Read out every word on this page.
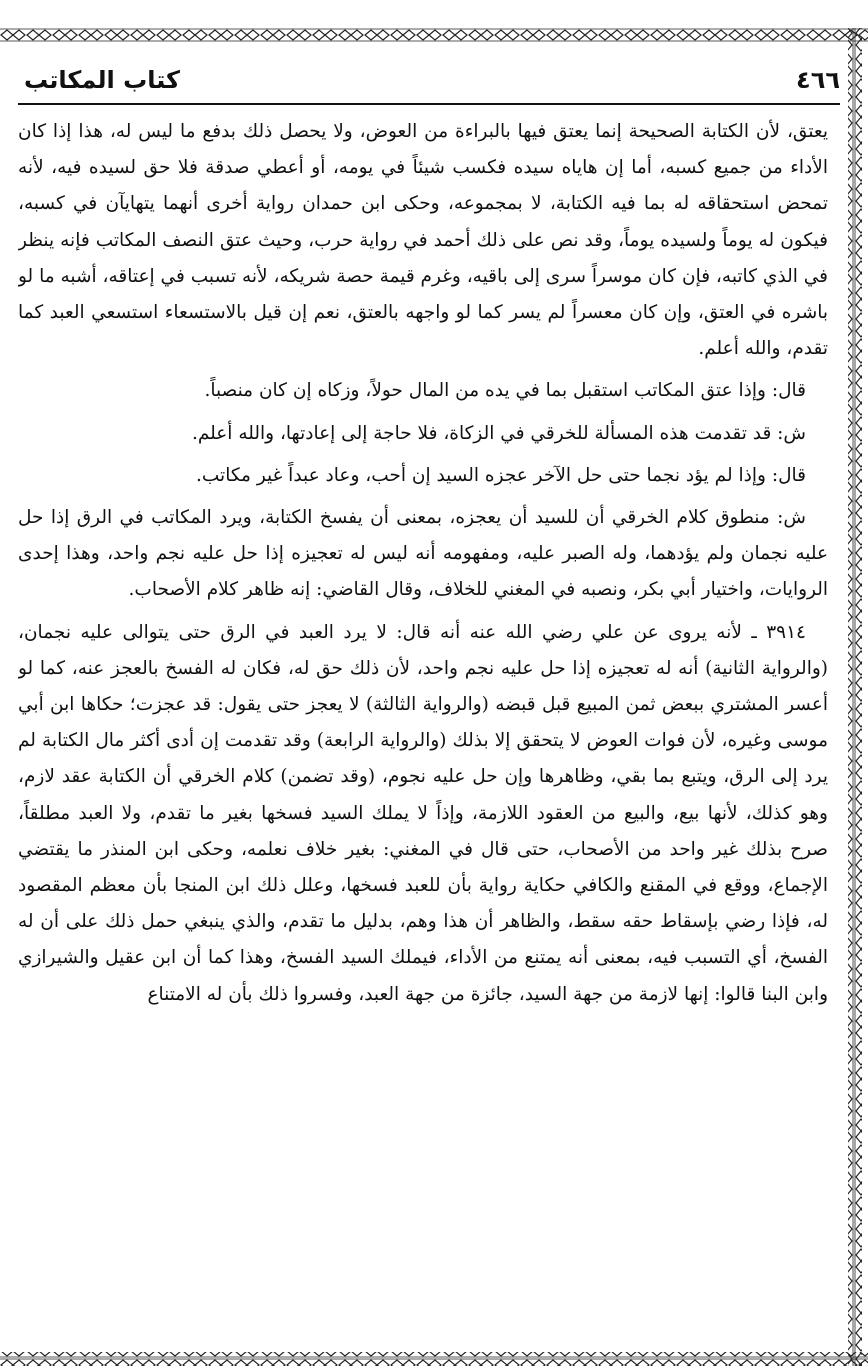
٤٦٦
كتاب المكاتب

يعتق، لأن الكتابة الصحيحة إنما يعتق فيها بالبراءة من العوض، ولا يحصل ذلك بدفع ما ليس له، هذا إذا كان الأداء من جميع كسبه، أما إن هاياه سيده فكسب شيئاً في يومه، أو أعطي صدقة فلا حق لسيده فيه، لأنه تمحض استحقاقه له بما فيه الكتابة، لا بمجموعه، وحكى ابن حمدان رواية أخرى أنهما يتهايآن في كسبه، فيكون له يوماً ولسيده يوماً، وقد نص على ذلك أحمد في رواية حرب، وحيث عتق النصف المكاتب فإنه ينظر في الذي كاتبه، فإن كان موسراً سرى إلى باقيه، وغرم قيمة حصة شريكه، لأنه تسبب في إعتاقه، أشبه ما لو باشره في العتق، وإن كان معسراً لم يسر كما لو واجهه بالعتق، نعم إن قيل بالاستسعاء استسعي العبد كما تقدم، والله أعلم.

قال: وإذا عتق المكاتب استقبل بما في يده من المال حولاً، وزكاه إن كان منصباً.

ش: قد تقدمت هذه المسألة للخرقي في الزكاة، فلا حاجة إلى إعادتها، والله أعلم.

قال: وإذا لم يؤد نجما حتى حل الآخر عجزه السيد إن أحب، وعاد عبداً غير مكاتب.

ش: منطوق كلام الخرقي أن للسيد أن يعجزه، بمعنى أن يفسخ الكتابة، ويرد المكاتب في الرق إذا حل عليه نجمان ولم يؤدهما، وله الصبر عليه، ومفهومه أنه ليس له تعجيزه إذا حل عليه نجم واحد، وهذا إحدى الروايات، واختيار أبي بكر، ونصبه في المغني للخلاف، وقال القاضي: إنه ظاهر كلام الأصحاب.

٣٩١٤ ـ لأنه يروى عن علي رضي الله عنه أنه قال: لا يرد العبد في الرق حتى يتوالى عليه نجمان، (والرواية الثانية) أنه له تعجيزه إذا حل عليه نجم واحد، لأن ذلك حق له، فكان له الفسخ بالعجز عنه، كما لو أعسر المشتري ببعض ثمن المبيع قبل قبضه (والرواية الثالثة) لا يعجز حتى يقول: قد عجزت؛ حكاها ابن أبي موسى وغيره، لأن فوات العوض لا يتحقق إلا بذلك (والرواية الرابعة) وقد تقدمت إن أدى أكثر مال الكتابة لم يرد إلى الرق، ويتبع بما بقي، وظاهرها وإن حل عليه نجوم، (وقد تضمن) كلام الخرقي أن الكتابة عقد لازم، وهو كذلك، لأنها بيع، والبيع من العقود اللازمة، وإذاً لا يملك السيد فسخها بغير ما تقدم، ولا العبد مطلقاً، صرح بذلك غير واحد من الأصحاب، حتى قال في المغني: بغير خلاف نعلمه، وحكى ابن المنذر ما يقتضي الإجماع، ووقع في المقنع والكافي حكاية رواية بأن للعبد فسخها، وعلل ذلك ابن المنجا بأن معظم المقصود له، فإذا رضي بإسقاط حقه سقط، والظاهر أن هذا وهم، بدليل ما تقدم، والذي ينبغي حمل ذلك على أن له الفسخ، أي التسبب فيه، بمعنى أنه يمتنع من الأداء، فيملك السيد الفسخ، وهذا كما أن ابن عقيل والشيرازي وابن البنا قالوا: إنها لازمة من جهة السيد، جائزة من جهة العبد، وفسروا ذلك بأن له الامتناع
